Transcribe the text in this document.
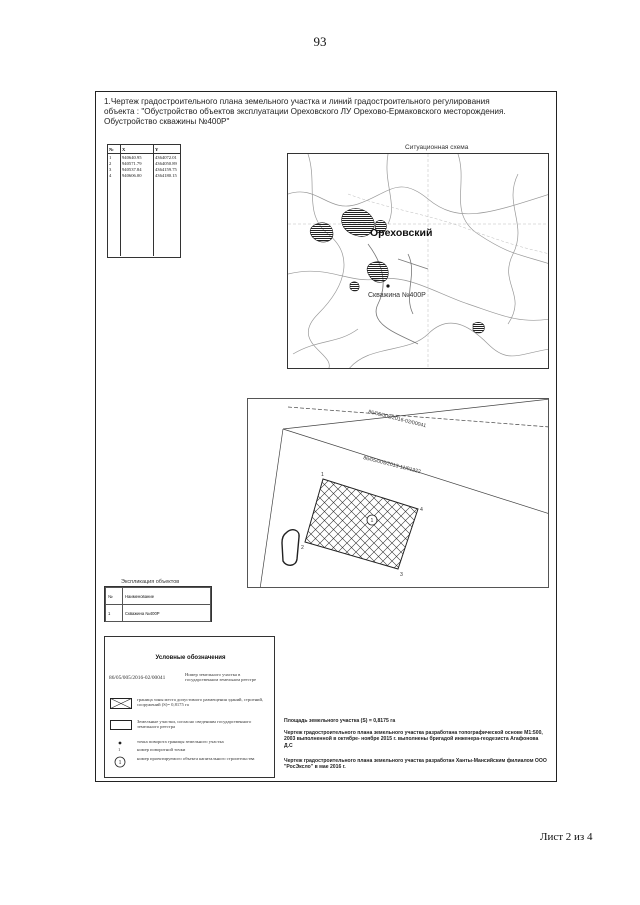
93
1.Чертеж градостроительного плана земельного участка и линий градостроительного регулирования
объекта : "Обустройство объектов эксплуатации Ореховского ЛУ Орехово-Ермаковского месторождения.
Обустройство скважины №400Р"
№	X	Y
1	940640.95	4364072.01
2	940571.79	4364050.89
3	940537.84	4364159.75
4	940606.00	4364180.15

Ситуационная схема
Ореховский
Скважина №400Р
86/05/005/2016-02/00041
86/05/005/2013-11/01322
1
1
2
3
4
Экспликация объектов
№	Наименование
1	Скважина №400Р
Условные обозначения
86/05/005/2016-02/00041
Номер земельного участка в государственном земельном реестре
граница зоны места допустимого размещения зданий, строений, сооружений (S)= 0,8175 га
Земельные участки, согласно сведениям государственного земельного реестра
точка поворота границы земельного участка
1	номер поворотной точки
1
номер проектируемого объекта капитального строительства
Площадь земельного участка (S) = 0,8175 га
Чертеж градостроительного плана земельного участка разработана топографической основе М1:500, 2003 выполненной в октябре- ноябре 2015 г. выполнены бригадой инженера-геодезиста Агафонова Д.С
Чертеж градостроительного плана земельного участка разработан Ханты-Мансийским филиалом ООО "РосЭксло" в мае 2016 г.
Лист 2 из 4
